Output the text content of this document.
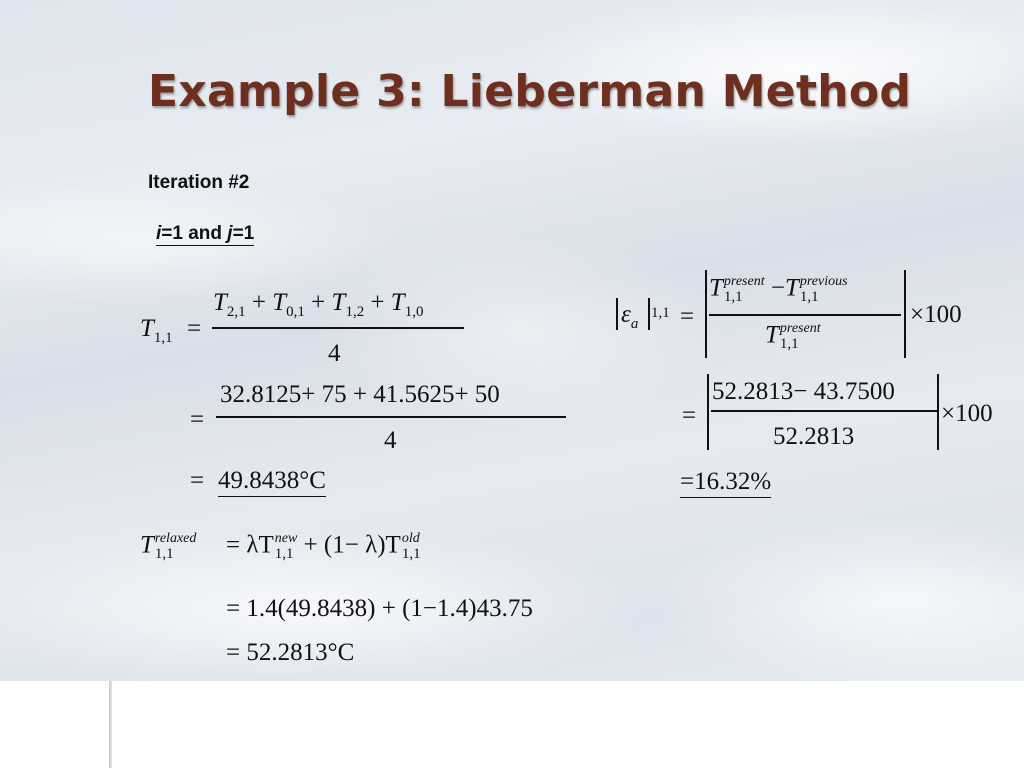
Example 3: Lieberman Method
Iteration #2
i=1 and j=1
$T_{1,1}$ =
$T_{2,1} + T_{0,1} + T_{1,2} + T_{1,0}$
4
=
32.8125+ 75 + 41.5625+ 50
4
= 49.8438°C
T relaxed
1,1	= λT new
1,1 + (1− λ)T old
1,1
= 1.4(49.8438) + (1−1.4)43.75
= 52.2813°C
$\varepsilon_a$
1,1 =
T present
1,1 −T previous
1,1
T present
1,1
×100
=
52.2813− 43.7500
52.2813
×100
=16.32%
